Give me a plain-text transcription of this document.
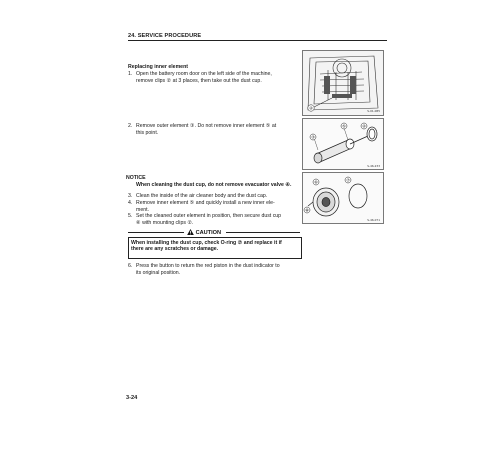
24. SERVICE PROCEDURE
Replacing inner element
1. Open the battery room door on the left side of the machine,
remove clips ② at 3 places, then take out the dust cup.
2. Remove outer element ③. Do not remove inner element ⑤ at
this point.
NOTICE
When cleaning the dust cup, do not remove evacuator valve ④.
3. Clean the inside of the air cleaner body and the dust cap.
4. Remove inner element ⑤ and quickly install a new inner ele-
ment.
5. Set the cleaned outer element in position, then secure dust cup
⑥ with mounting clips ②.
CAUTION
When installing the dust cup, check O-ring ⑦ and replace it if
there are any scratches or damage.
6. Press the button to return the red piston in the dust indicator to
its original position.
②
S-01-085
③
⑤	④
S-46-233
⑥	⑦
⑧
S-46-071
3-24
